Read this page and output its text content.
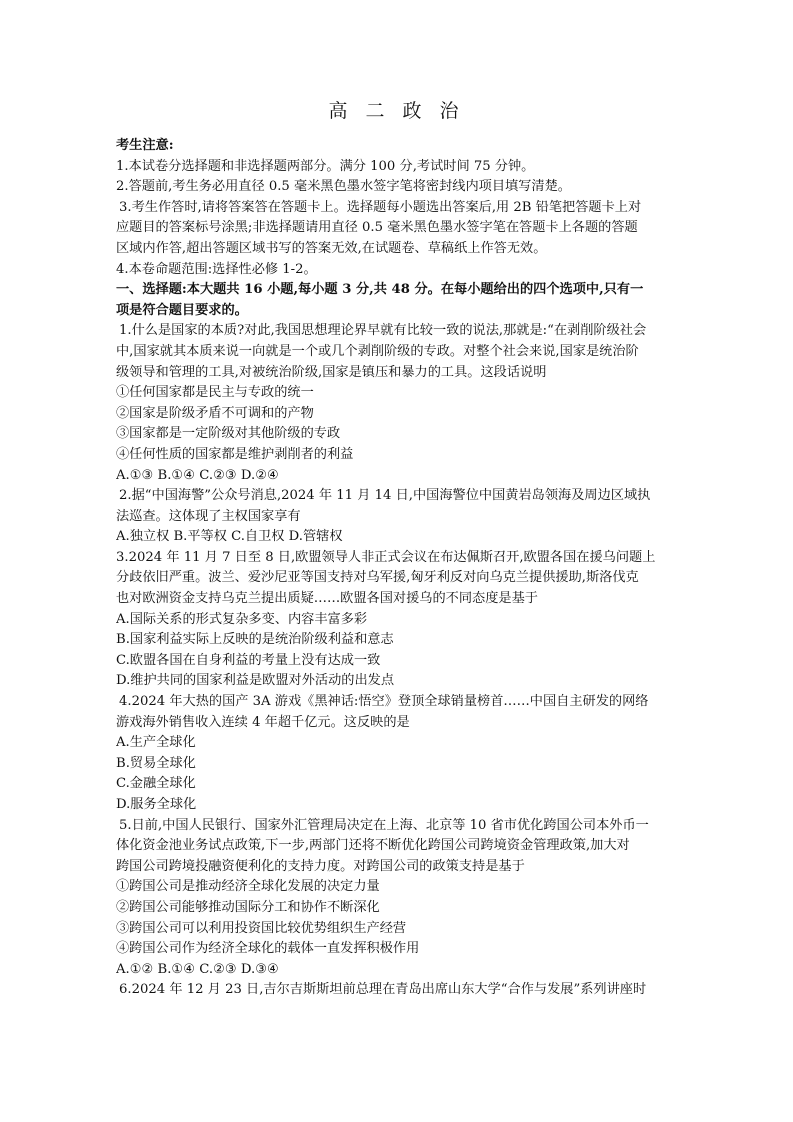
高 二 政 治
考生注意:
1.本试卷分选择题和非选择题两部分。满分 100 分,考试时间 75 分钟。
2.答题前,考生务必用直径 0.5 毫米黑色墨水签字笔将密封线内项目填写清楚。
3.考生作答时,请将答案答在答题卡上。选择题每小题选出答案后,用 2B 铅笔把答题卡上对
应题目的答案标号涂黑;非选择题请用直径 0.5 毫米黑色墨水签字笔在答题卡上各题的答题
区域内作答,超出答题区域书写的答案无效,在试题卷、草稿纸上作答无效。
4.本卷命题范围:选择性必修 1-2。
一、选择题:本大题共 16 小题,每小题 3 分,共 48 分。在每小题给出的四个选项中,只有一
项是符合题目要求的。
1.什么是国家的本质?对此,我国思想理论界早就有比较一致的说法,那就是:“在剥削阶级社会
中,国家就其本质来说一向就是一个或几个剥削阶级的专政。对整个社会来说,国家是统治阶
级领导和管理的工具,对被统治阶级,国家是镇压和暴力的工具。这段话说明
①任何国家都是民主与专政的统一
②国家是阶级矛盾不可调和的产物
③国家都是一定阶级对其他阶级的专政
④任何性质的国家都是维护剥削者的利益
A.①③ B.①④ C.②③ D.②④
2.据“中国海警”公众号消息,2024 年 11 月 14 日,中国海警位中国黄岩岛领海及周边区域执
法巡查。这体现了主权国家享有
A.独立权 B.平等权 C.自卫权 D.管辖权
3.2024 年 11 月 7 日至 8 日,欧盟领导人非正式会议在布达佩斯召开,欧盟各国在援乌问题上
分歧依旧严重。波兰、爱沙尼亚等国支持对乌军援,匈牙利反对向乌克兰提供援助,斯洛伐克
也对欧洲资金支持乌克兰提出质疑……欧盟各国对援乌的不同态度是基于
A.国际关系的形式复杂多变、内容丰富多彩
B.国家利益实际上反映的是统治阶级利益和意志
C.欧盟各国在自身利益的考量上没有达成一致
D.维护共同的国家利益是欧盟对外活动的出发点
4.2024 年大热的国产 3A 游戏《黑神话:悟空》登顶全球销量榜首……中国自主研发的网络
游戏海外销售收入连续 4 年超千亿元。这反映的是
A.生产全球化
B.贸易全球化
C.金融全球化
D.服务全球化
5.日前,中国人民银行、国家外汇管理局决定在上海、北京等 10 省市优化跨国公司本外币一
体化资金池业务试点政策,下一步,两部门还将不断优化跨国公司跨境资金管理政策,加大对
跨国公司跨境投融资便利化的支持力度。对跨国公司的政策支持是基于
①跨国公司是推动经济全球化发展的决定力量
②跨国公司能够推动国际分工和协作不断深化
③跨国公司可以利用投资国比较优势组织生产经营
④跨国公司作为经济全球化的载体一直发挥积极作用
A.①② B.①④ C.②③ D.③④
6.2024 年 12 月 23 日,吉尔吉斯斯坦前总理在青岛出席山东大学“合作与发展”系列讲座时
